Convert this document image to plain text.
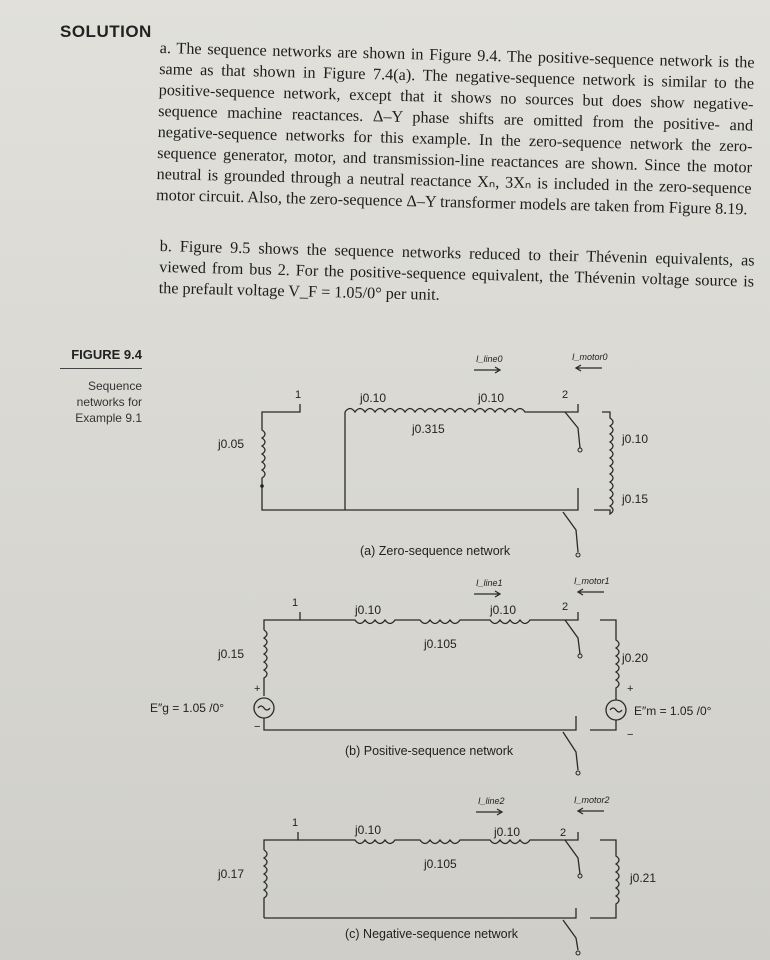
SOLUTION
a. The sequence networks are shown in Figure 9.4. The positive-sequence network is the same as that shown in Figure 7.4(a). The negative-sequence network is similar to the positive-sequence network, except that it shows no sources but does show negative-sequence machine reactances. Δ–Y phase shifts are omitted from the positive- and negative-sequence networks for this example. In the zero-sequence network the zero-sequence generator, motor, and transmission-line reactances are shown. Since the motor neutral is grounded through a neutral reactance Xₙ, 3Xₙ is included in the zero-sequence motor circuit. Also, the zero-sequence Δ–Y transformer models are taken from Figure 8.19.
b. Figure 9.5 shows the sequence networks reduced to their Thévenin equivalents, as viewed from bus 2. For the positive-sequence equivalent, the Thévenin voltage source is the prefault voltage V_F = 1.05/0° per unit.
FIGURE 9.4
Sequence networks for Example 9.1
1	2
j0.10	j0.10
j0.315
j0.05	j0.10
j0.15
I_line0	I_motor0
(a) Zero-sequence network
1	2
j0.10	j0.10
j0.105
j0.15	j0.20
E″g = 1.05 /0°	E″m = 1.05 /0°
+
−
+
−
I_line1	I_motor1
(b) Positive-sequence network
1
2
j0.10	j0.10
j0.105
j0.17	j0.21
I_line2	I_motor2
(c) Negative-sequence network
